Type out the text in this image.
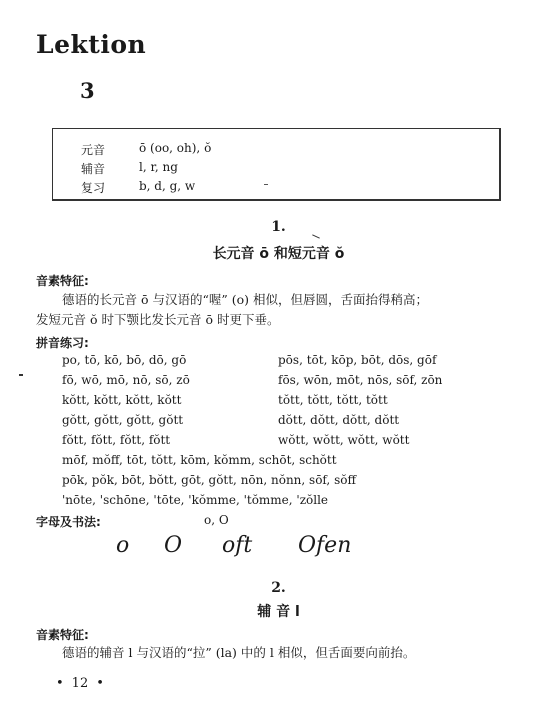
Lektion
3
元音	ō (oo, oh), ŏ
辅音	l, r, ng
复习	b, d, g, w
1.
长元音 ō 和短元音 ŏ
音素特征:
德语的长元音 ō 与汉语的“喔” (o) 相似，但唇圆，舌面抬得稍高；
发短元音 ŏ 时下颚比发长元音 ō 时更下垂。
拼音练习:
po, tō, kō, bō, dō, gō	pōs, tōt, kōp, bōt, dōs, gōf
fō, wō, mō, nō, sō, zō	fōs, wōn, mōt, nōs, sōf, zōn
kŏtt, kŏtt, kŏtt, kŏtt	tŏtt, tŏtt, tŏtt, tŏtt
gŏtt, gŏtt, gŏtt, gŏtt	dŏtt, dŏtt, dŏtt, dŏtt
fŏtt, fŏtt, fŏtt, fŏtt	wŏtt, wŏtt, wŏtt, wŏtt
mōf, mŏff, tōt, tŏtt, kōm, kŏmm, schōt, schŏtt
pōk, pŏk, bōt, bŏtt, gōt, gŏtt, nōn, nŏnn, sōf, sŏff
'nōte, 'schōne, 'tōte, 'kŏmme, 'tŏmme, 'zŏlle
字母及书法:	o, O
o O oft Ofen
2.
辅 音 l
音素特征:
德语的辅音 l 与汉语的“拉” (la) 中的 l 相似，但舌面要向前抬。
• 12 •
